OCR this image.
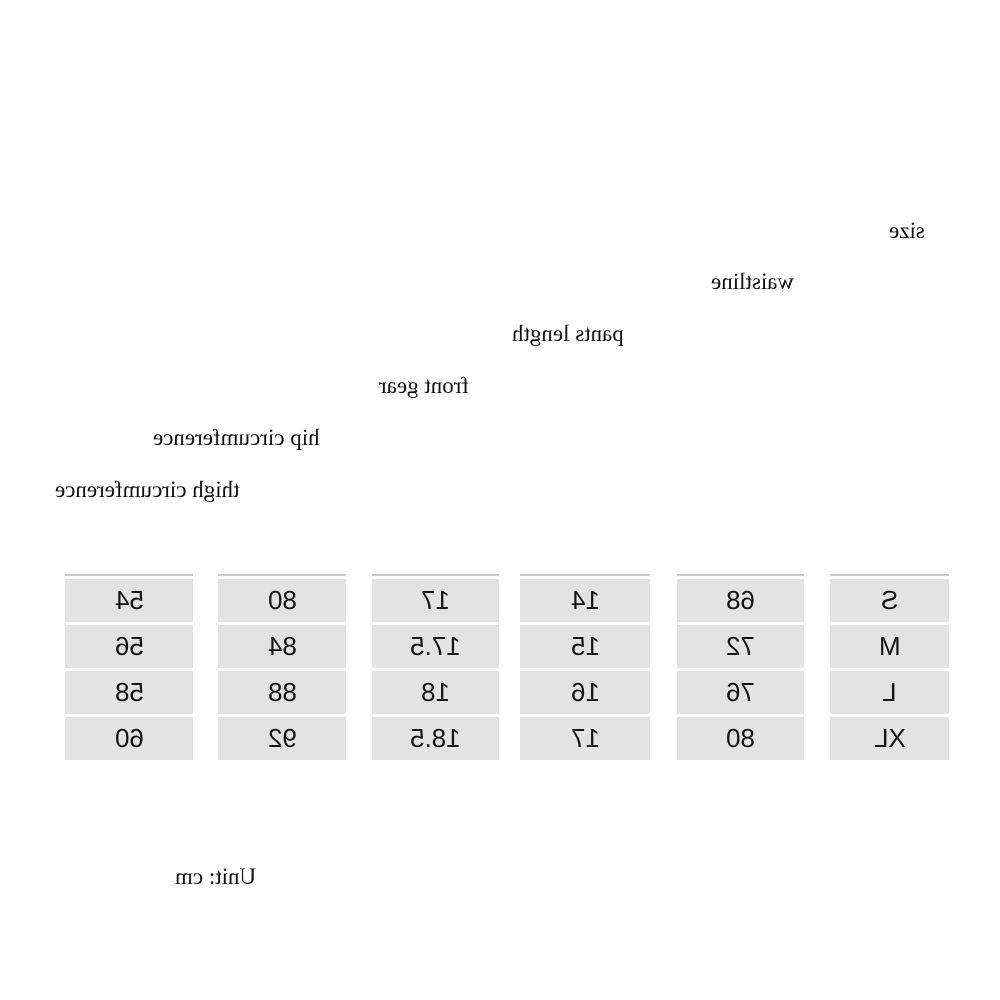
size
waistline
pants length
front gear
hip circumference
thigh circumference
S
M
L
XL
68
72
76
80
14
15
16
17
17
17.5
18
18.5
80
84
88
92
54
56
58
60
Unit: cm
